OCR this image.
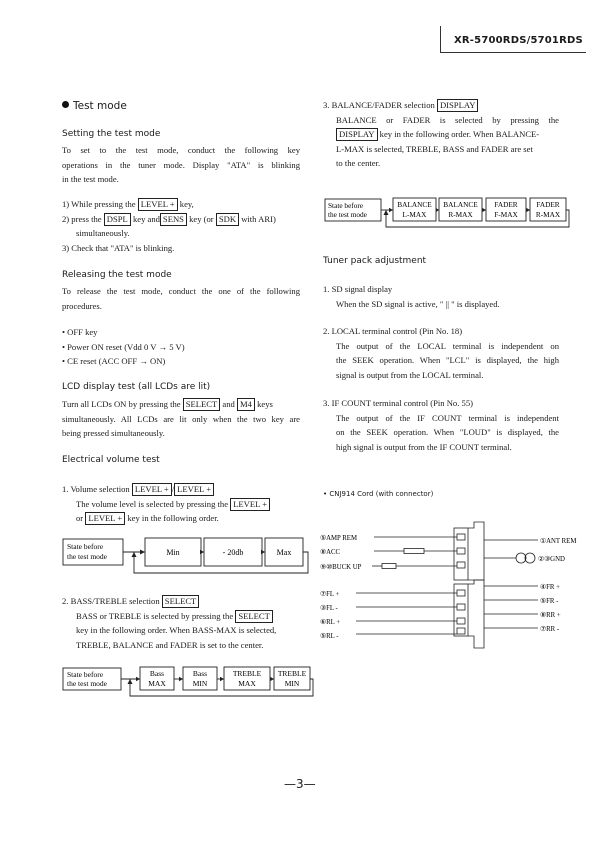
XR-5700RDS/5701RDS
Test mode
Setting the test mode
To set to the test mode, conduct the following key
operations in the tuner mode. Display "ATA" is blinking
in the test mode.
1) While pressing the LEVEL + key,
2) press the DSPL key and SENS key (or SDK with ARI)
simultaneously.
3) Check that "ATA" is blinking.
Releasing the test mode
To release the test mode, conduct the one of the following
procedures.
• OFF key
• Power ON reset (Vdd 0 V → 5 V)
• CE reset (ACC OFF → ON)
LCD display test (all LCDs are lit)
Turn all LCDs ON by pressing the SELECT and M4 keys
simultaneously. All LCDs are lit only when the two key are
being pressed simultaneously.
Electrical volume test
1. Volume selection LEVEL + / LEVEL +
The volume level is selected by pressing the LEVEL +
or LEVEL + key in the following order.
State before
the test mode	Min	- 20db	Max
2. BASS/TREBLE selection SELECT
BASS or TREBLE is selected by pressing the SELECT
key in the following order. When BASS-MAX is selected,
TREBLE, BALANCE and FADER is set to the center.
State before
the test mode
Bass
MAX
Bass
MIN
TREBLE
MAX
TREBLE
MIN
3. BALANCE/FADER selection DISPLAY
BALANCE or FADER is selected by pressing the
DISPLAY key in the following order. When BALANCE-
L-MAX is selected, TREBLE, BASS and FADER are set
to the center.
State before
the test mode
BALANCE
L-MAX
BALANCE
R-MAX
FADER
F-MAX
FADER
R-MAX
Tuner pack adjustment
1. SD signal display
When the SD signal is active, " || " is displayed.
2. LOCAL terminal control (Pin No. 18)
The output of the LOCAL terminal is independent on
the SEEK operation. When "LCL" is displayed, the high
signal is output from the LOCAL terminal.
3. IF COUNT terminal control (Pin No. 55)
The output of the IF COUNT terminal is independent
on the SEEK operation. When "LOUD" is displayed, the
high signal is output from the IF COUNT terminal.
• CNJ914 Cord (with connector)
⑤AMP REM
⑧ACC
⑨⑩BUCK UP
⑦FL +
③FL -
⑥RL +
⑤RL -
①ANT REM
②③GND
④FR +
⑤FR -
⑧RR +
⑦RR -
—3—
